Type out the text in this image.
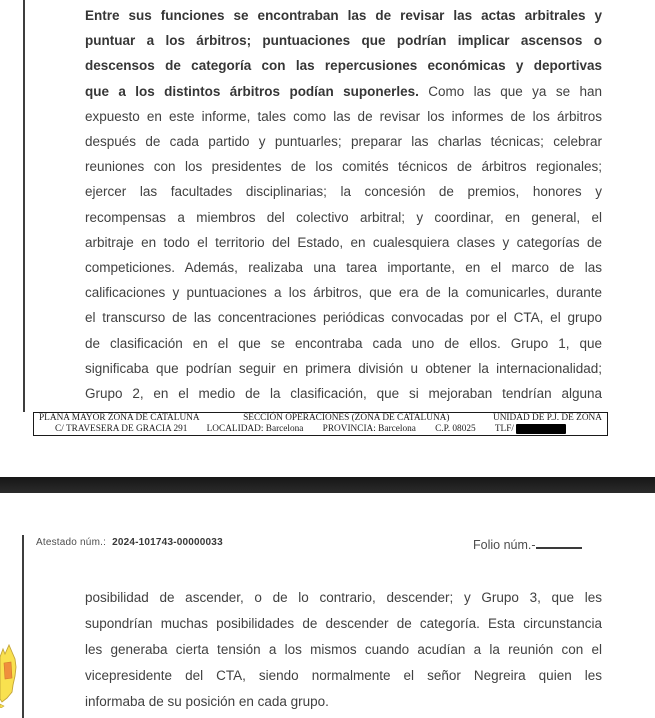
Entre sus funciones se encontraban las de revisar las actas arbitrales y
puntuar a los árbitros; puntuaciones que podrían implicar ascensos o
descensos de categoría con las repercusiones económicas y deportivas
que a los distintos árbitros podían suponerles. Como las que ya se han
expuesto en este informe, tales como las de revisar los informes de los árbitros
después de cada partido y puntuarles; preparar las charlas técnicas; celebrar
reuniones con los presidentes de los comités técnicos de árbitros regionales;
ejercer las facultades disciplinarias; la concesión de premios, honores y
recompensas a miembros del colectivo arbitral; y coordinar, en general, el
arbitraje en todo el territorio del Estado, en cualesquiera clases y categorías de
competiciones. Además, realizaba una tarea importante, en el marco de las
calificaciones y puntuaciones a los árbitros, que era de la comunicarles, durante
el transcurso de las concentraciones periódicas convocadas por el CTA, el grupo
de clasificación en el que se encontraba cada uno de ellos. Grupo 1, que
significaba que podrían seguir en primera división u obtener la internacionalidad;
Grupo 2, en el medio de la clasificación, que si mejoraban tendrían alguna
PLANA MAYOR ZONA DE CATALUÑA	SECCIÓN OPERACIONES (ZONA DE CATALUÑA)	UNIDAD DE P.J. DE ZONA
C/ TRAVESERA DE GRACIA 291 LOCALIDAD: Barcelona PROVINCIA: Barcelona C.P. 08025 TLF/
Atestado núm.: 2024-101743-00000033	Folio núm.-
posibilidad de ascender, o de lo contrario, descender; y Grupo 3, que les
supondrían muchas posibilidades de descender de categoría. Esta circunstancia
les generaba cierta tensión a los mismos cuando acudían a la reunión con el
vicepresidente del CTA, siendo normalmente el señor Negreira quien les
informaba de su posición en cada grupo.
